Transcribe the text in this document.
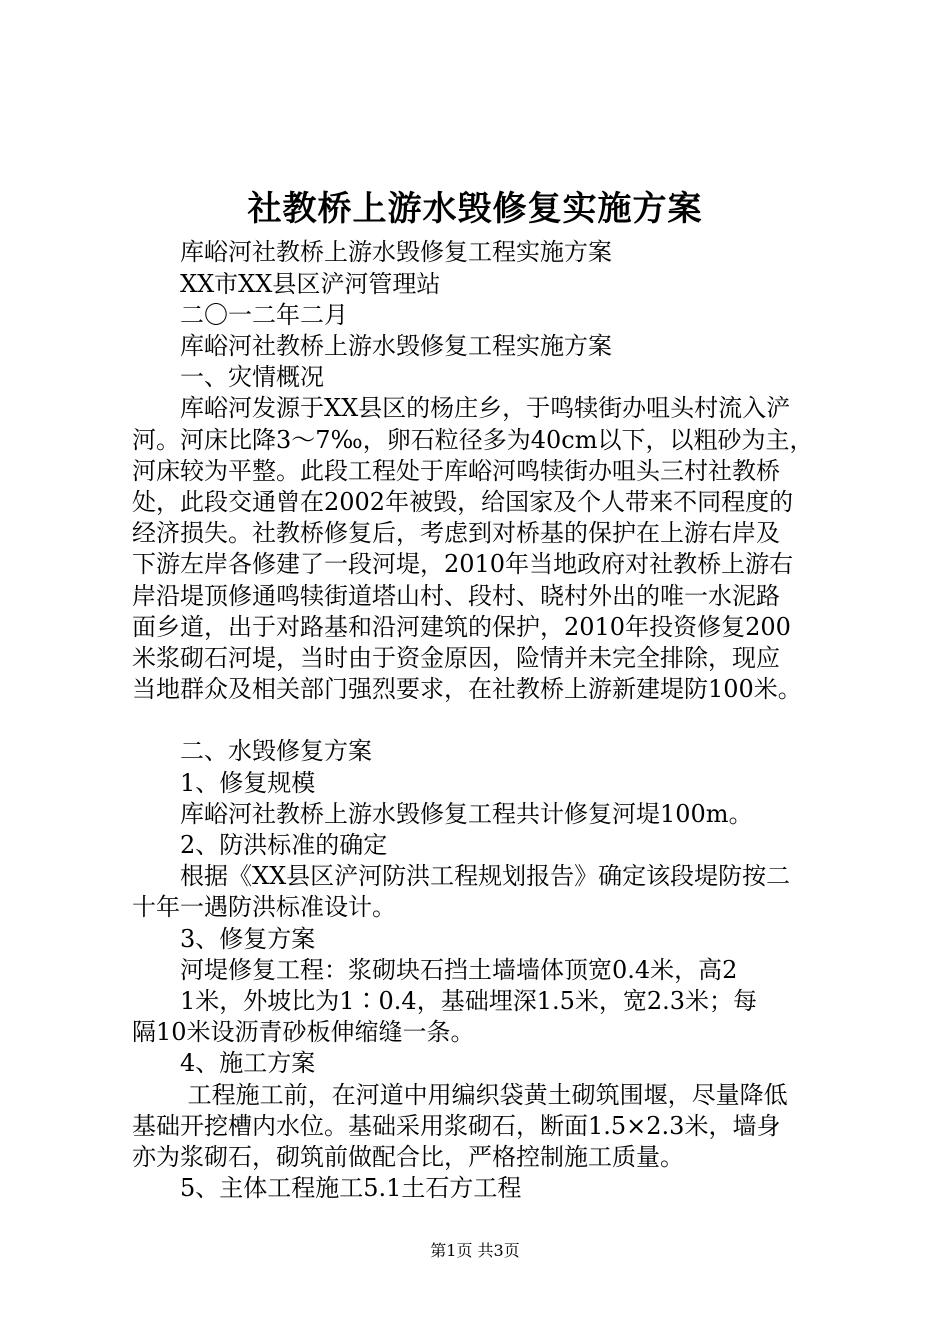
社教桥上游水毁修复实施方案
　　库峪河社教桥上游水毁修复工程实施方案
　　XX市XX县区浐河管理站
　　二〇一二年二月
　　库峪河社教桥上游水毁修复工程实施方案
　　一、灾情概况
　　库峪河发源于XX县区的杨庄乡，于鸣犊街办咀头村流入浐
河。河床比降3～7‰，卵石粒径多为40cm以下，以粗砂为主，
河床较为平整。此段工程处于库峪河鸣犊街办咀头三村社教桥
处，此段交通曾在2002年被毁，给国家及个人带来不同程度的
经济损失。社教桥修复后，考虑到对桥基的保护在上游右岸及
下游左岸各修建了一段河堤，2010年当地政府对社教桥上游右
岸沿堤顶修通鸣犊街道塔山村、段村、晓村外出的唯一水泥路
面乡道，出于对路基和沿河建筑的保护，2010年投资修复200
米浆砌石河堤，当时由于资金原因，险情并未完全排除，现应
当地群众及相关部门强烈要求，在社教桥上游新建堤防100米。
　　二、水毁修复方案
　　1、修复规模
　　库峪河社教桥上游水毁修复工程共计修复河堤100m。
　　2、防洪标准的确定
　　根据《XX县区浐河防洪工程规划报告》确定该段堤防按二
十年一遇防洪标准设计。
　　3、修复方案
　　河堤修复工程：浆砌块石挡土墙墙体顶宽0.4米，高2
　　1米，外坡比为1∶0.4，基础埋深1.5米，宽2.3米；每
隔10米设沥青砂板伸缩缝一条。
　　4、施工方案
　　 工程施工前，在河道中用编织袋黄土砌筑围堰，尽量降低
基础开挖槽内水位。基础采用浆砌石，断面1.5×2.3米，墙身
亦为浆砌石，砌筑前做配合比，严格控制施工质量。
　　5、主体工程施工5.1土石方工程
第1页 共3页
